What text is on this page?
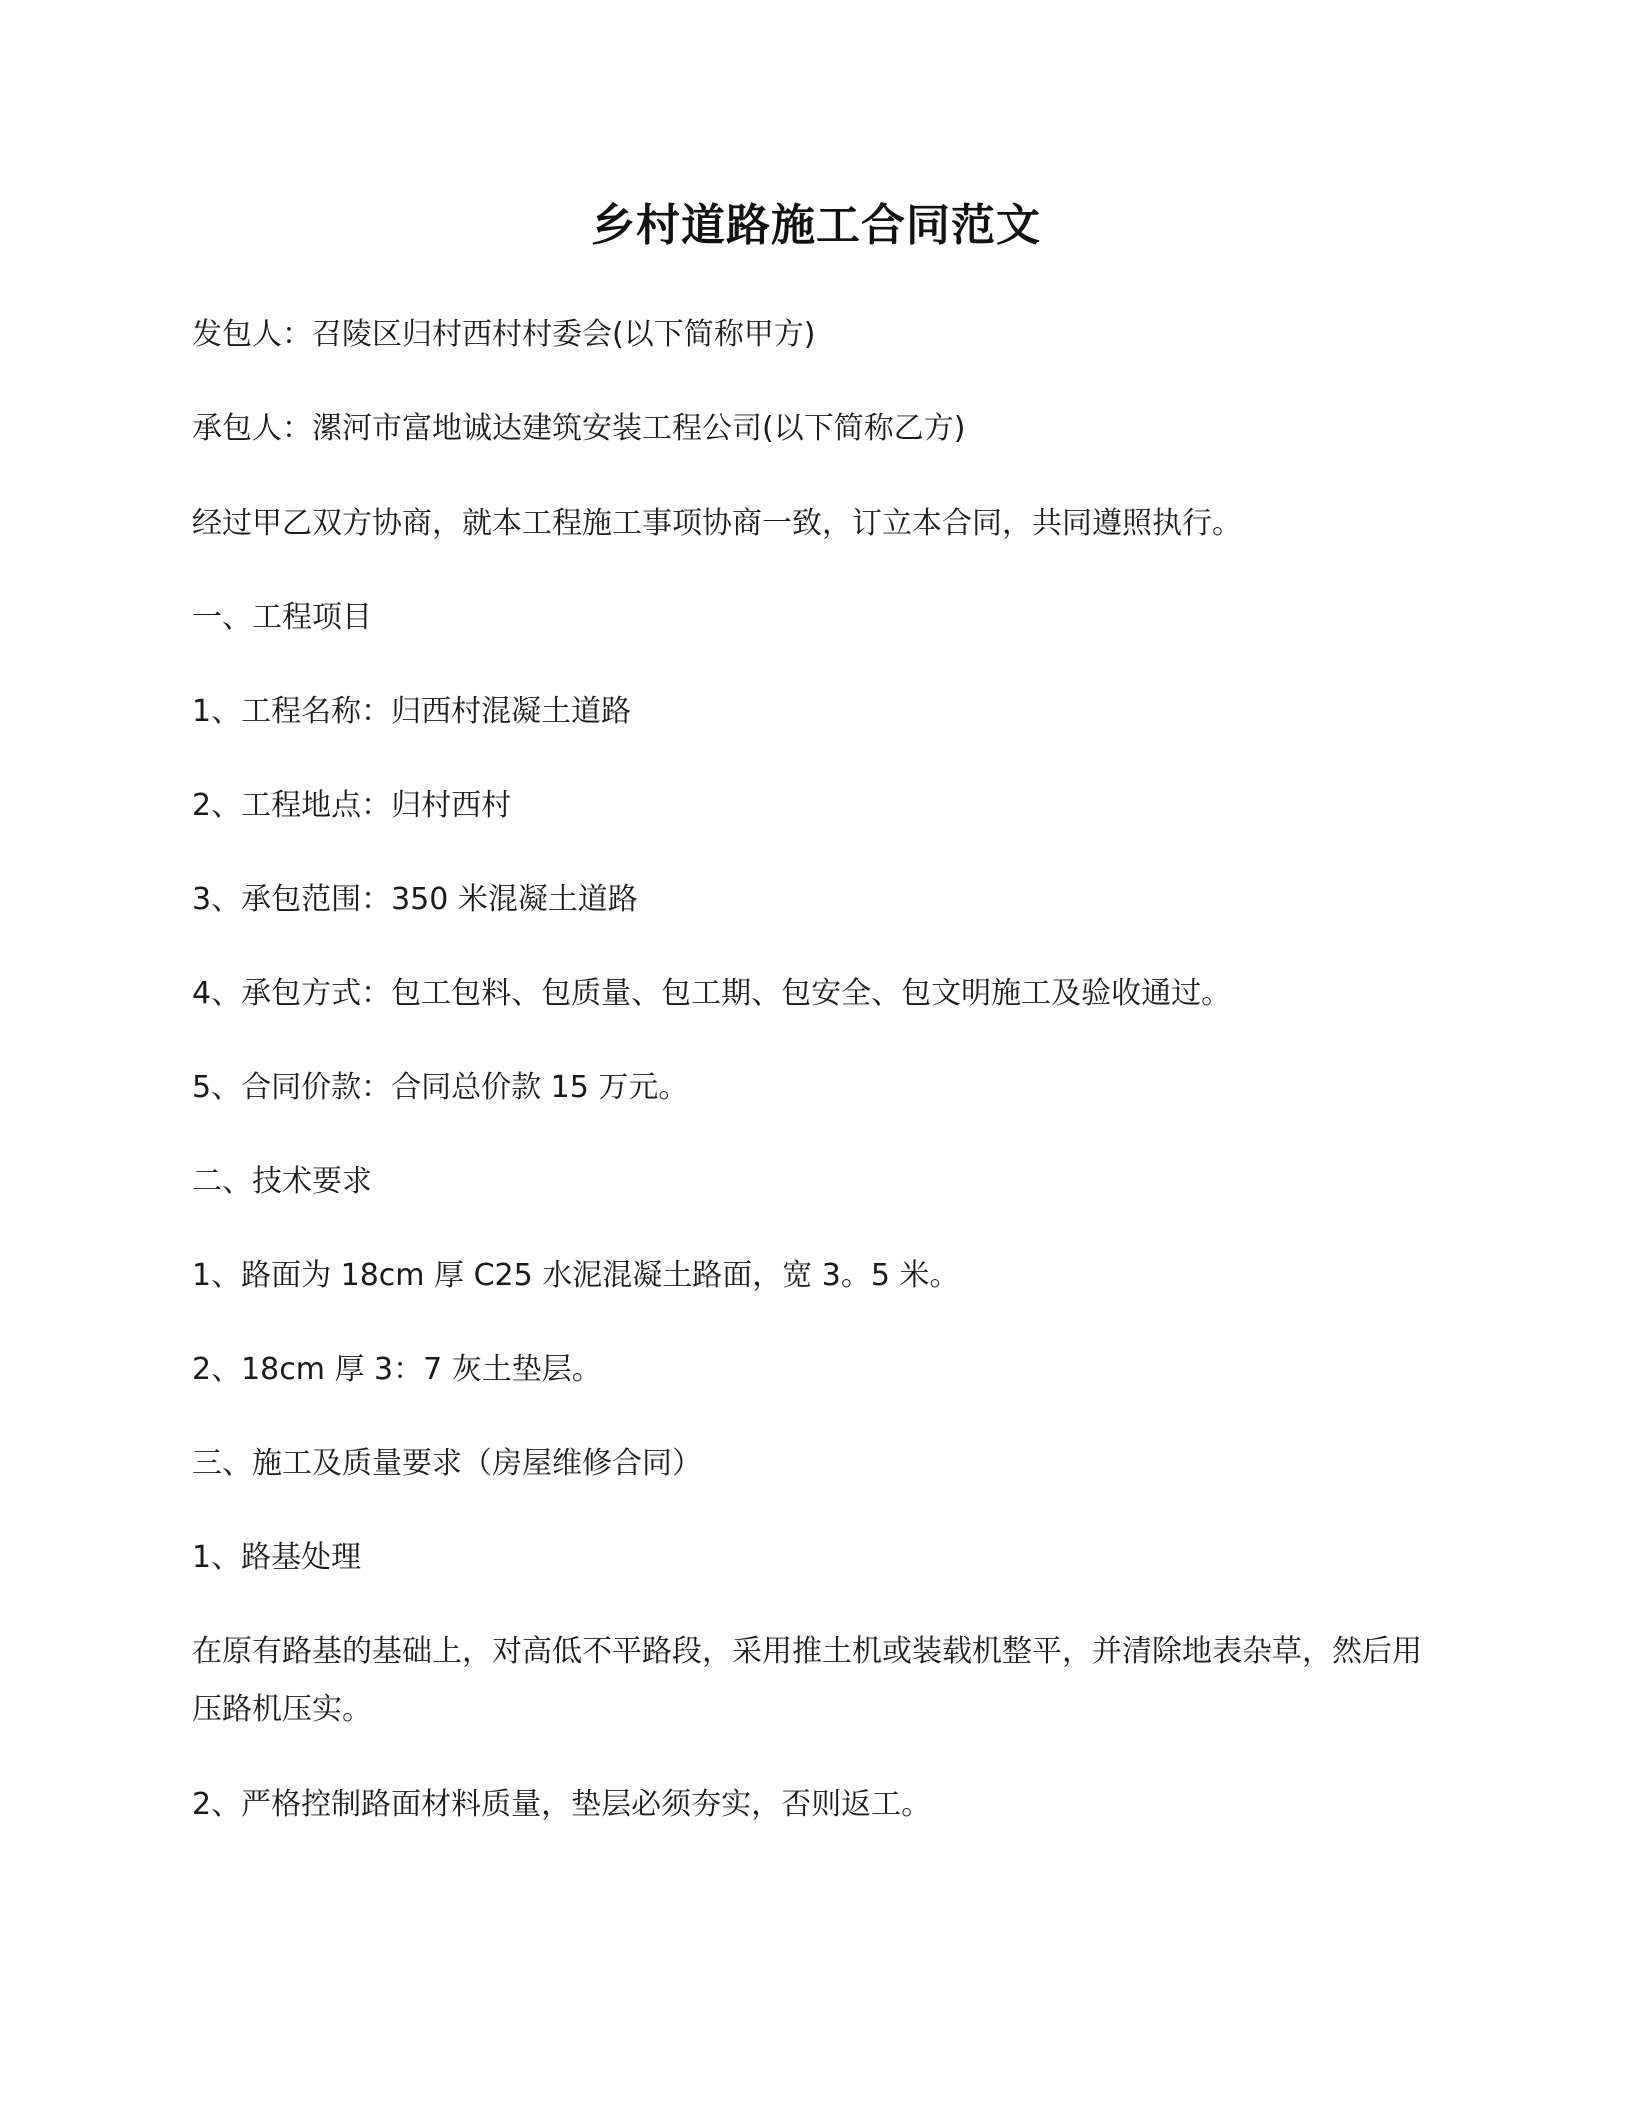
乡村道路施工合同范文
发包人：召陵区归村西村村委会(以下简称甲方)
承包人：漯河市富地诚达建筑安装工程公司(以下简称乙方)
经过甲乙双方协商，就本工程施工事项协商一致，订立本合同，共同遵照执行。
一、工程项目
1、工程名称：归西村混凝土道路
2、工程地点：归村西村
3、承包范围：350 米混凝土道路
4、承包方式：包工包料、包质量、包工期、包安全、包文明施工及验收通过。
5、合同价款：合同总价款 15 万元。
二、技术要求
1、路面为 18cm 厚 C25 水泥混凝土路面，宽 3。5 米。
2、18cm 厚 3：7 灰土垫层。
三、施工及质量要求（房屋维修合同）
1、路基处理
在原有路基的基础上，对高低不平路段，采用推土机或装载机整平，并清除地表杂草，然后用压路机压实。
2、严格控制路面材料质量，垫层必须夯实，否则返工。
